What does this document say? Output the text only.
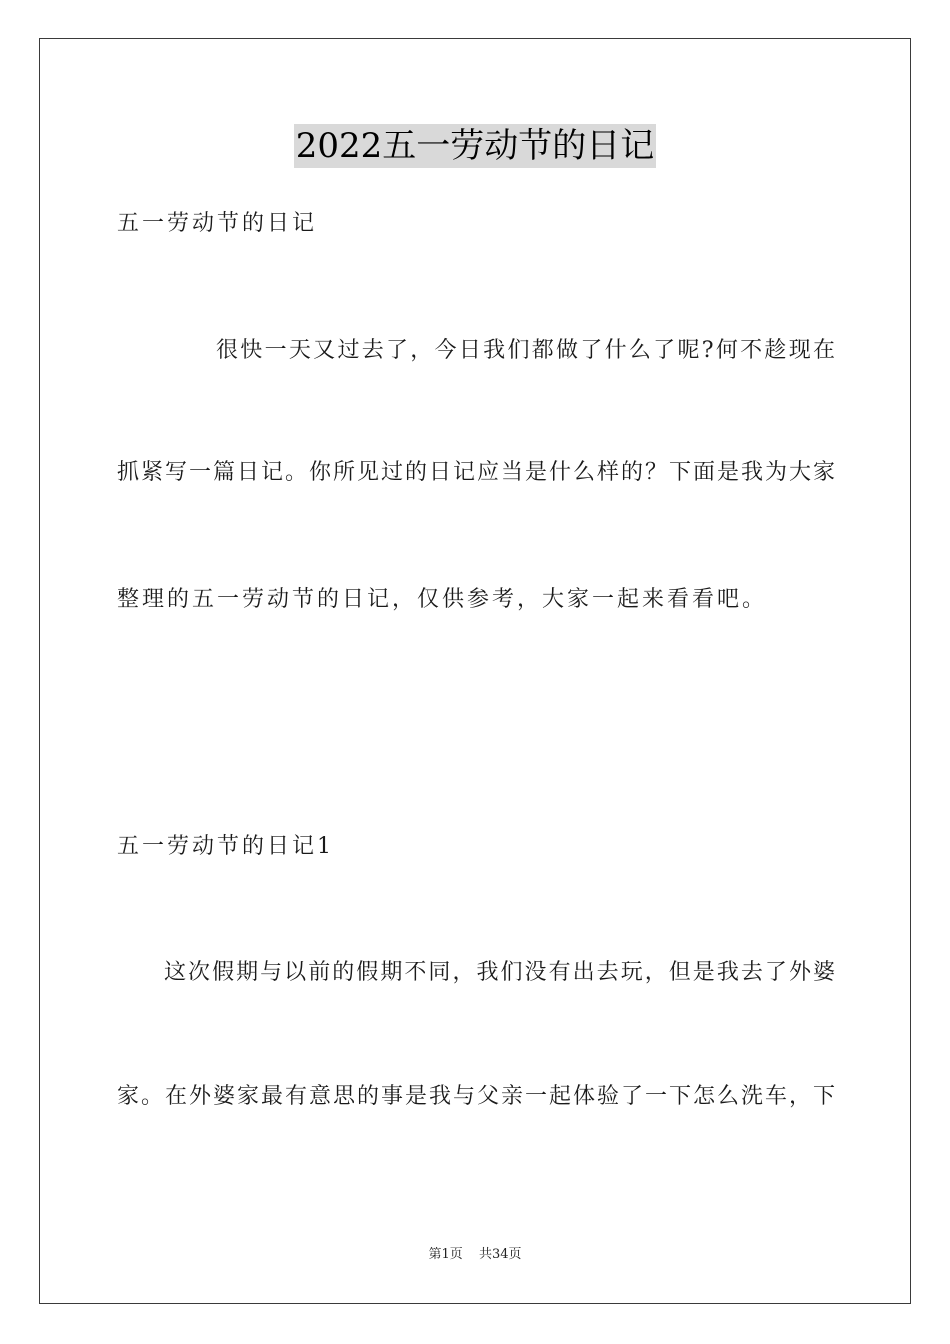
2022五一劳动节的日记
五一劳动节的日记
很快一天又过去了，今日我们都做了什么了呢?何不趁现在
抓紧写一篇日记。你所见过的日记应当是什么样的？下面是我为大家
整理的五一劳动节的日记，仅供参考，大家一起来看看吧。
五一劳动节的日记1
这次假期与以前的假期不同，我们没有出去玩，但是我去了外婆
家。在外婆家最有意思的事是我与父亲一起体验了一下怎么洗车，下
第1页 共34页
